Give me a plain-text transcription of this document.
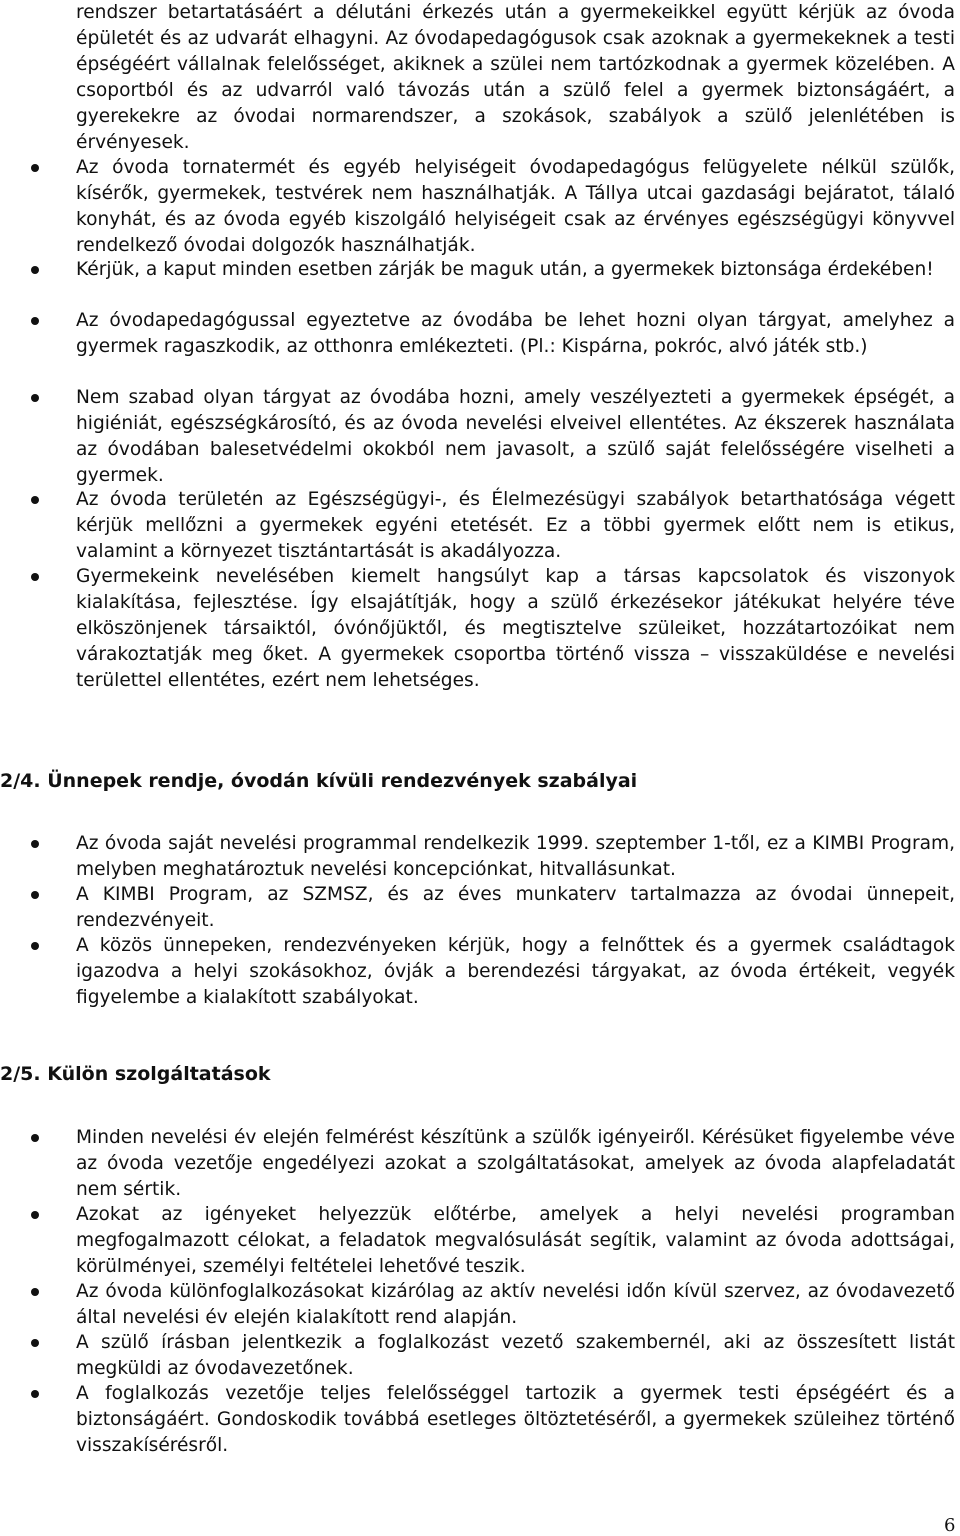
rendszer betartatásáért a délutáni érkezés után a gyermekeikkel együtt kérjük az óvoda épületét és az udvarát elhagyni. Az óvodapedagógusok csak azoknak a gyermekeknek a testi épségéért vállalnak felelősséget, akiknek a szülei nem tartózkodnak a gyermek közelében. A csoportból és az udvarról való távozás után a szülő felel a gyermek biztonságáért, a gyerekekre az óvodai normarendszer, a szokások, szabályok a szülő jelenlétében is érvényesek.

Az óvoda tornatermét és egyéb helyiségeit óvodapedagógus felügyelete nélkül szülők, kísérők, gyermekek, testvérek nem használhatják. A Tállya utcai gazdasági bejáratot, tálaló konyhát, és az óvoda egyéb kiszolgáló helyiségeit csak az érvényes egészségügyi könyvvel rendelkező óvodai dolgozók használhatják.

Kérjük, a kaput minden esetben zárják be maguk után, a gyermekek biztonsága érdekében!

Az óvodapedagógussal egyeztetve az óvodába be lehet hozni olyan tárgyat, amelyhez a gyermek ragaszkodik, az otthonra emlékezteti. (Pl.: Kispárna, pokróc, alvó játék stb.)

Nem szabad olyan tárgyat az óvodába hozni, amely veszélyezteti a gyermekek épségét, a higiéniát, egészségkárosító, és az óvoda nevelési elveivel ellentétes. Az ékszerek használata az óvodában balesetvédelmi okokból nem javasolt, a szülő saját felelősségére viselheti a gyermek.

Az óvoda területén az Egészségügyi-, és Élelmezésügyi szabályok betarthatósága végett kérjük mellőzni a gyermekek egyéni etetését. Ez a többi gyermek előtt nem is etikus, valamint a környezet tisztántartását is akadályozza.

Gyermekeink nevelésében kiemelt hangsúlyt kap a társas kapcsolatok és viszonyok kialakítása, fejlesztése. Így elsajátítják, hogy a szülő érkezésekor játékukat helyére téve elköszönjenek társaiktól, óvónőjüktől, és megtisztelve szüleiket, hozzátartozóikat nem várakoztatják meg őket. A gyermekek csoportba történő vissza – visszaküldése e nevelési területtel ellentétes, ezért nem lehetséges.

2/4. Ünnepek rendje, óvodán kívüli rendezvények szabályai

Az óvoda saját nevelési programmal rendelkezik 1999. szeptember 1-től, ez a KIMBI Program, melyben meghatároztuk nevelési koncepciónkat, hitvallásunkat.

A KIMBI Program, az SZMSZ, és az éves munkaterv tartalmazza az óvodai ünnepeit, rendezvényeit.

A közös ünnepeken, rendezvényeken kérjük, hogy a felnőttek és a gyermek családtagok igazodva a helyi szokásokhoz, óvják a berendezési tárgyakat, az óvoda értékeit, vegyék figyelembe a kialakított szabályokat.

2/5. Külön szolgáltatások

Minden nevelési év elején felmérést készítünk a szülők igényeiről. Kérésüket figyelembe véve az óvoda vezetője engedélyezi azokat a szolgáltatásokat, amelyek az óvoda alapfeladatát nem sértik.

Azokat az igényeket helyezzük előtérbe, amelyek a helyi nevelési programban megfogalmazott célokat, a feladatok megvalósulását segítik, valamint az óvoda adottságai, körülményei, személyi feltételei lehetővé teszik.

Az óvoda különfoglalkozásokat kizárólag az aktív nevelési időn kívül szervez, az óvodavezető által nevelési év elején kialakított rend alapján.

A szülő írásban jelentkezik a foglalkozást vezető szakembernél, aki az összesített listát megküldi az óvodavezetőnek.

A foglalkozás vezetője teljes felelősséggel tartozik a gyermek testi épségéért és a biztonságáért. Gondoskodik továbbá esetleges öltöztetéséről, a gyermekek szüleihez történő visszakísérésről.

6
